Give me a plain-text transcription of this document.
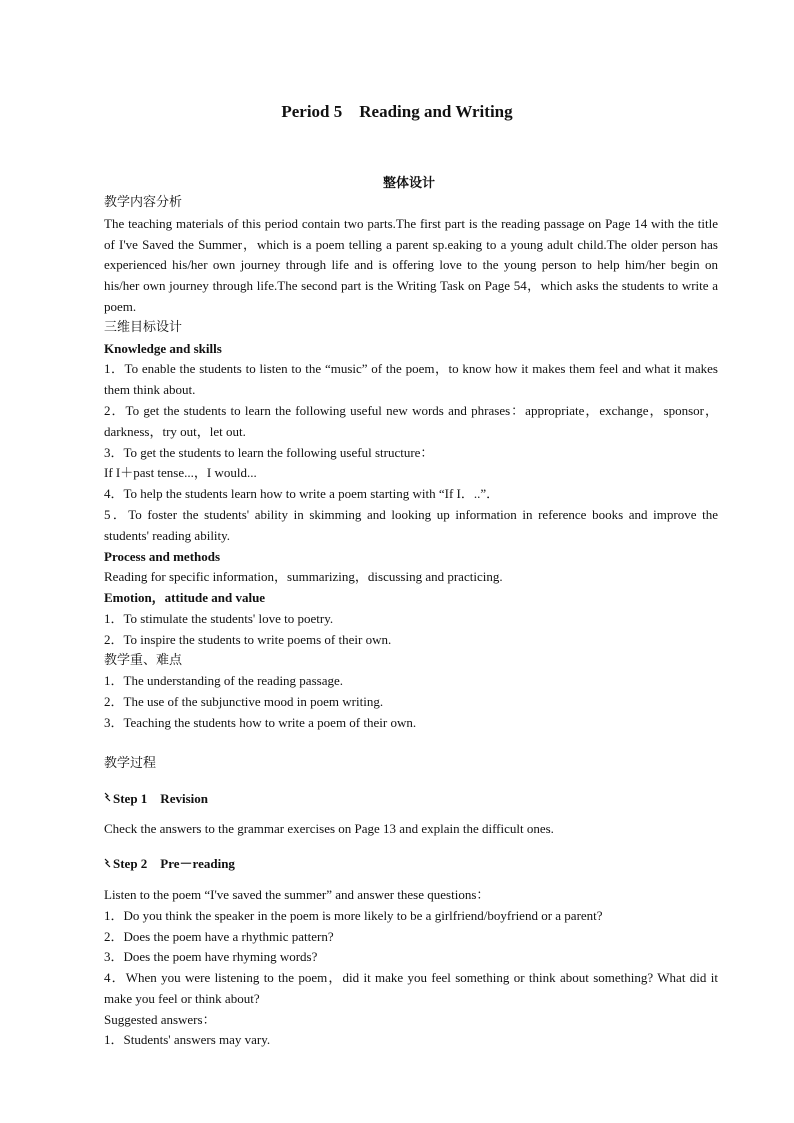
Period 5    Reading and Writing
整体设计

教学内容分析

The teaching materials of this period contain two parts.The first part is the reading passage on Page 14 with the title of I've Saved the Summer，which is a poem telling a parent sp.eaking to a young adult child.The older person has experienced his/her own journey through life and is offering love to the young person to help him/her begin on his/her own journey through life.The second part is the Writing Task on Page 54，which asks the students to write a poem.

三维目标设计

Knowledge and skills

1．To enable the students to listen to the “music” of the poem，to know how it makes them feel and what it makes them think about.

2．To get the students to learn the following useful new words and phrases：appropriate，exchange，sponsor，darkness，try out，let out.

3．To get the students to learn the following useful structure：

If I＋past tense...，I would...

4．To help the students learn how to write a poem starting with “If I．..”．

5．To foster the students' ability in skimming and looking up information in reference books and improve the students' reading ability.

Process and methods

Reading for specific information，summarizing，discussing and practicing.

Emotion，attitude and value

1．To stimulate the students' love to poetry.

2．To inspire the students to write poems of their own.

教学重、难点

1．The understanding of the reading passage.

2．The use of the subjunctive mood in poem writing.

3．Teaching the students how to write a poem of their own.

教学过程

Step 1    Revision

Check the answers to the grammar exercises on Page 13 and explain the difficult ones.

Step 2    Pre－reading

Listen to the poem “I've saved the summer” and answer these questions：

1．Do you think the speaker in the poem is more likely to be a girlfriend/boyfriend or a parent?

2．Does the poem have a rhythmic pattern?

3．Does the poem have rhyming words?

4．When you were listening to the poem，did it make you feel something or think about something? What did it make you feel or think about?

Suggested answers：

1．Students' answers may vary.
